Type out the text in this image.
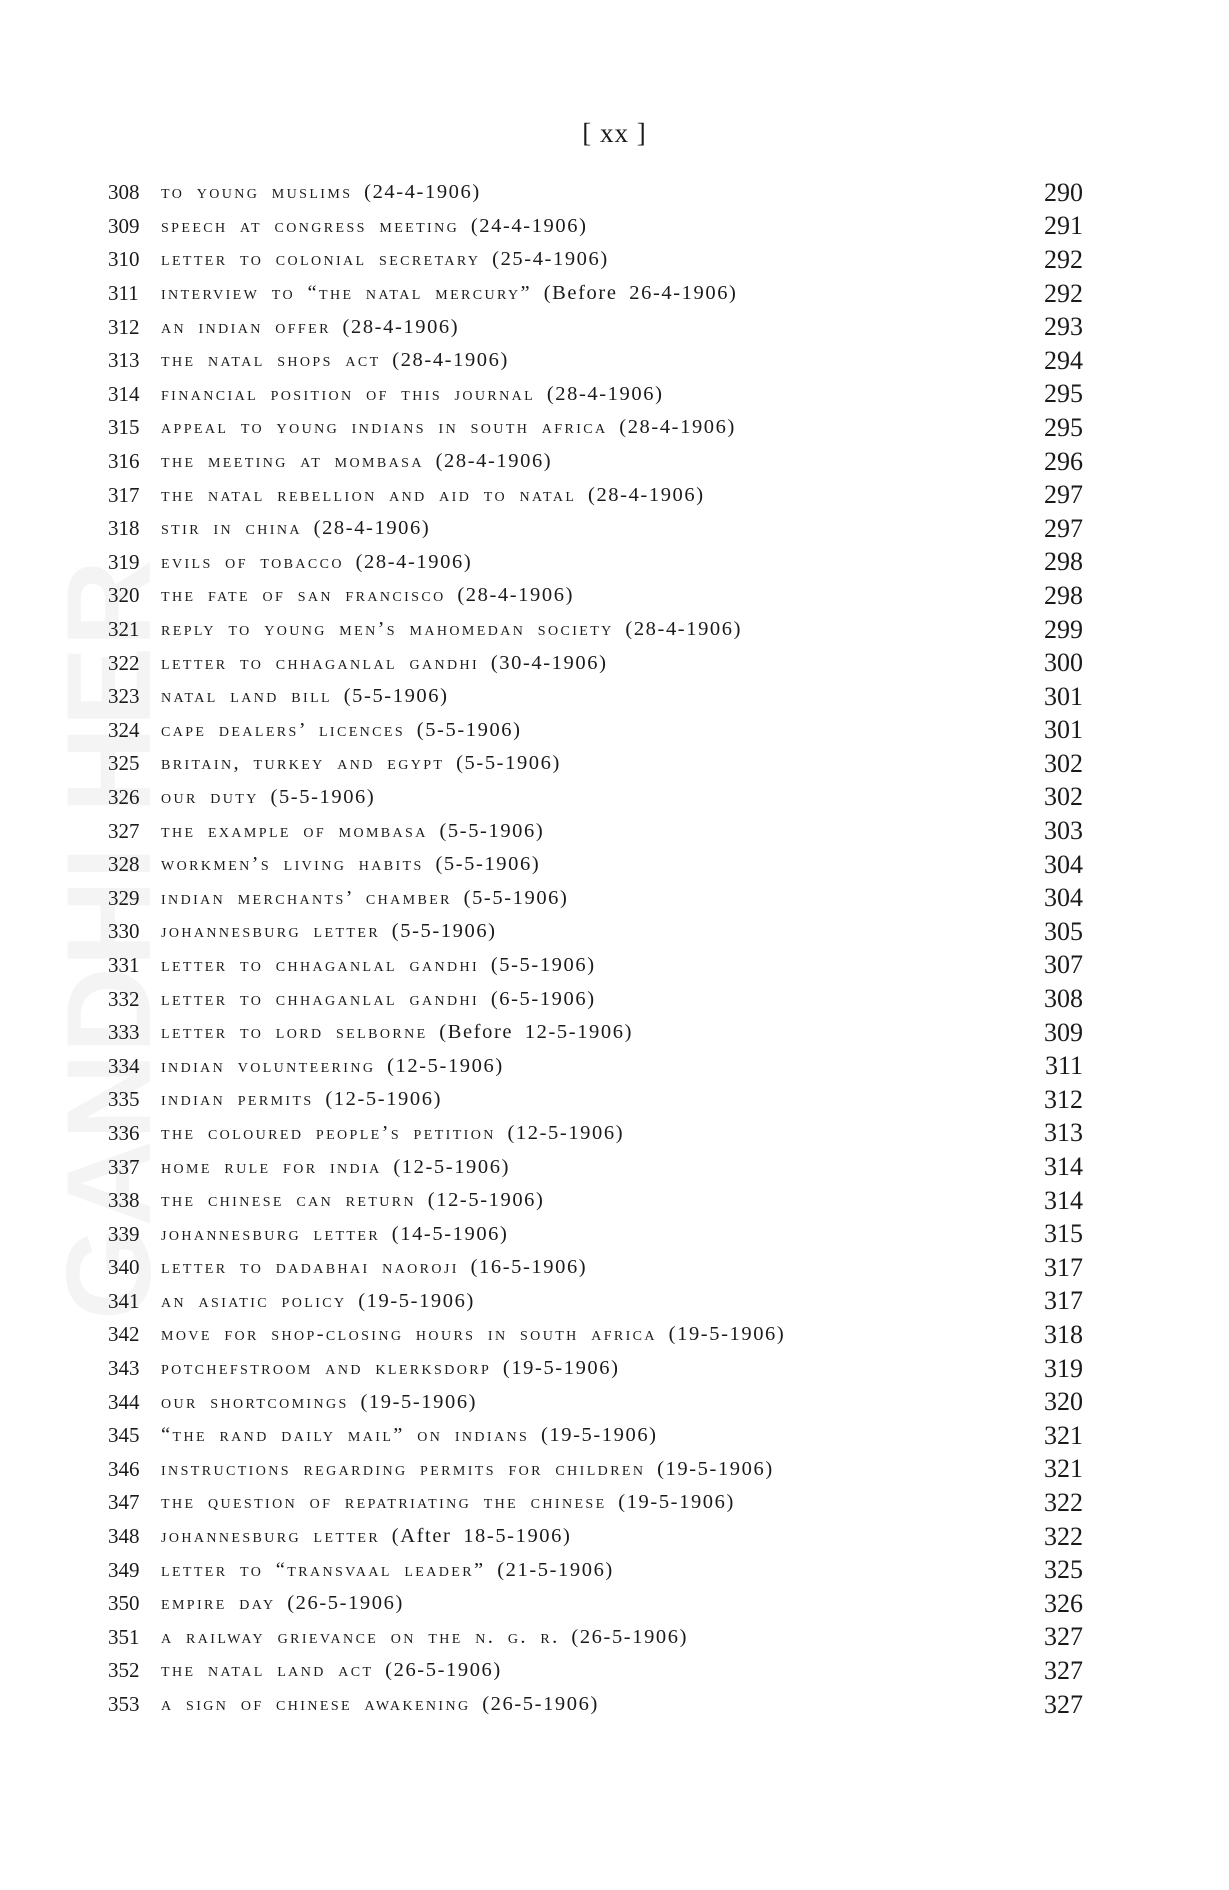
[ xx ]
308	to young muslims (24-4-1906)	290
309	speech at congress meeting (24-4-1906)	291
310	letter to colonial secretary (25-4-1906)	292
311	interview to “the natal mercury” (Before 26-4-1906)	292
312	an indian offer (28-4-1906)	293
313	the natal shops act (28-4-1906)	294
314	financial position of this journal (28-4-1906)	295
315	appeal to young indians in south africa (28-4-1906)	295
316	the meeting at mombasa (28-4-1906)	296
317	the natal rebellion and aid to natal (28-4-1906)	297
318	stir in china (28-4-1906)	297
319	evils of tobacco (28-4-1906)	298
320	the fate of san francisco (28-4-1906)	298
321	reply to young men’s mahomedan society (28-4-1906)	299
322	letter to chhaganlal gandhi (30-4-1906)	300
323	natal land bill (5-5-1906)	301
324	cape dealers’ licences (5-5-1906)	301
325	britain, turkey and egypt (5-5-1906)	302
326	our duty (5-5-1906)	302
327	the example of mombasa (5-5-1906)	303
328	workmen’s living habits (5-5-1906)	304
329	indian merchants’ chamber (5-5-1906)	304
330	johannesburg letter (5-5-1906)	305
331	letter to chhaganlal gandhi (5-5-1906)	307
332	letter to chhaganlal gandhi (6-5-1906)	308
333	letter to lord selborne (Before 12-5-1906)	309
334	indian volunteering (12-5-1906)	311
335	indian permits (12-5-1906)	312
336	the coloured people’s petition (12-5-1906)	313
337	home rule for india (12-5-1906)	314
338	the chinese can return (12-5-1906)	314
339	johannesburg letter (14-5-1906)	315
340	letter to dadabhai naoroji (16-5-1906)	317
341	an asiatic policy (19-5-1906)	317
342	move for shop-closing hours in south africa (19-5-1906)	318
343	potchefstroom and klerksdorp (19-5-1906)	319
344	our shortcomings (19-5-1906)	320
345	“the rand daily mail” on indians (19-5-1906)	321
346	instructions regarding permits for children (19-5-1906)	321
347	the question of repatriating the chinese (19-5-1906)	322
348	johannesburg letter (After 18-5-1906)	322
349	letter to “transvaal leader” (21-5-1906)	325
350	empire day (26-5-1906)	326
351	a railway grievance on the n. g. r. (26-5-1906)	327
352	the natal land act (26-5-1906)	327
353	a sign of chinese awakening (26-5-1906)	327
